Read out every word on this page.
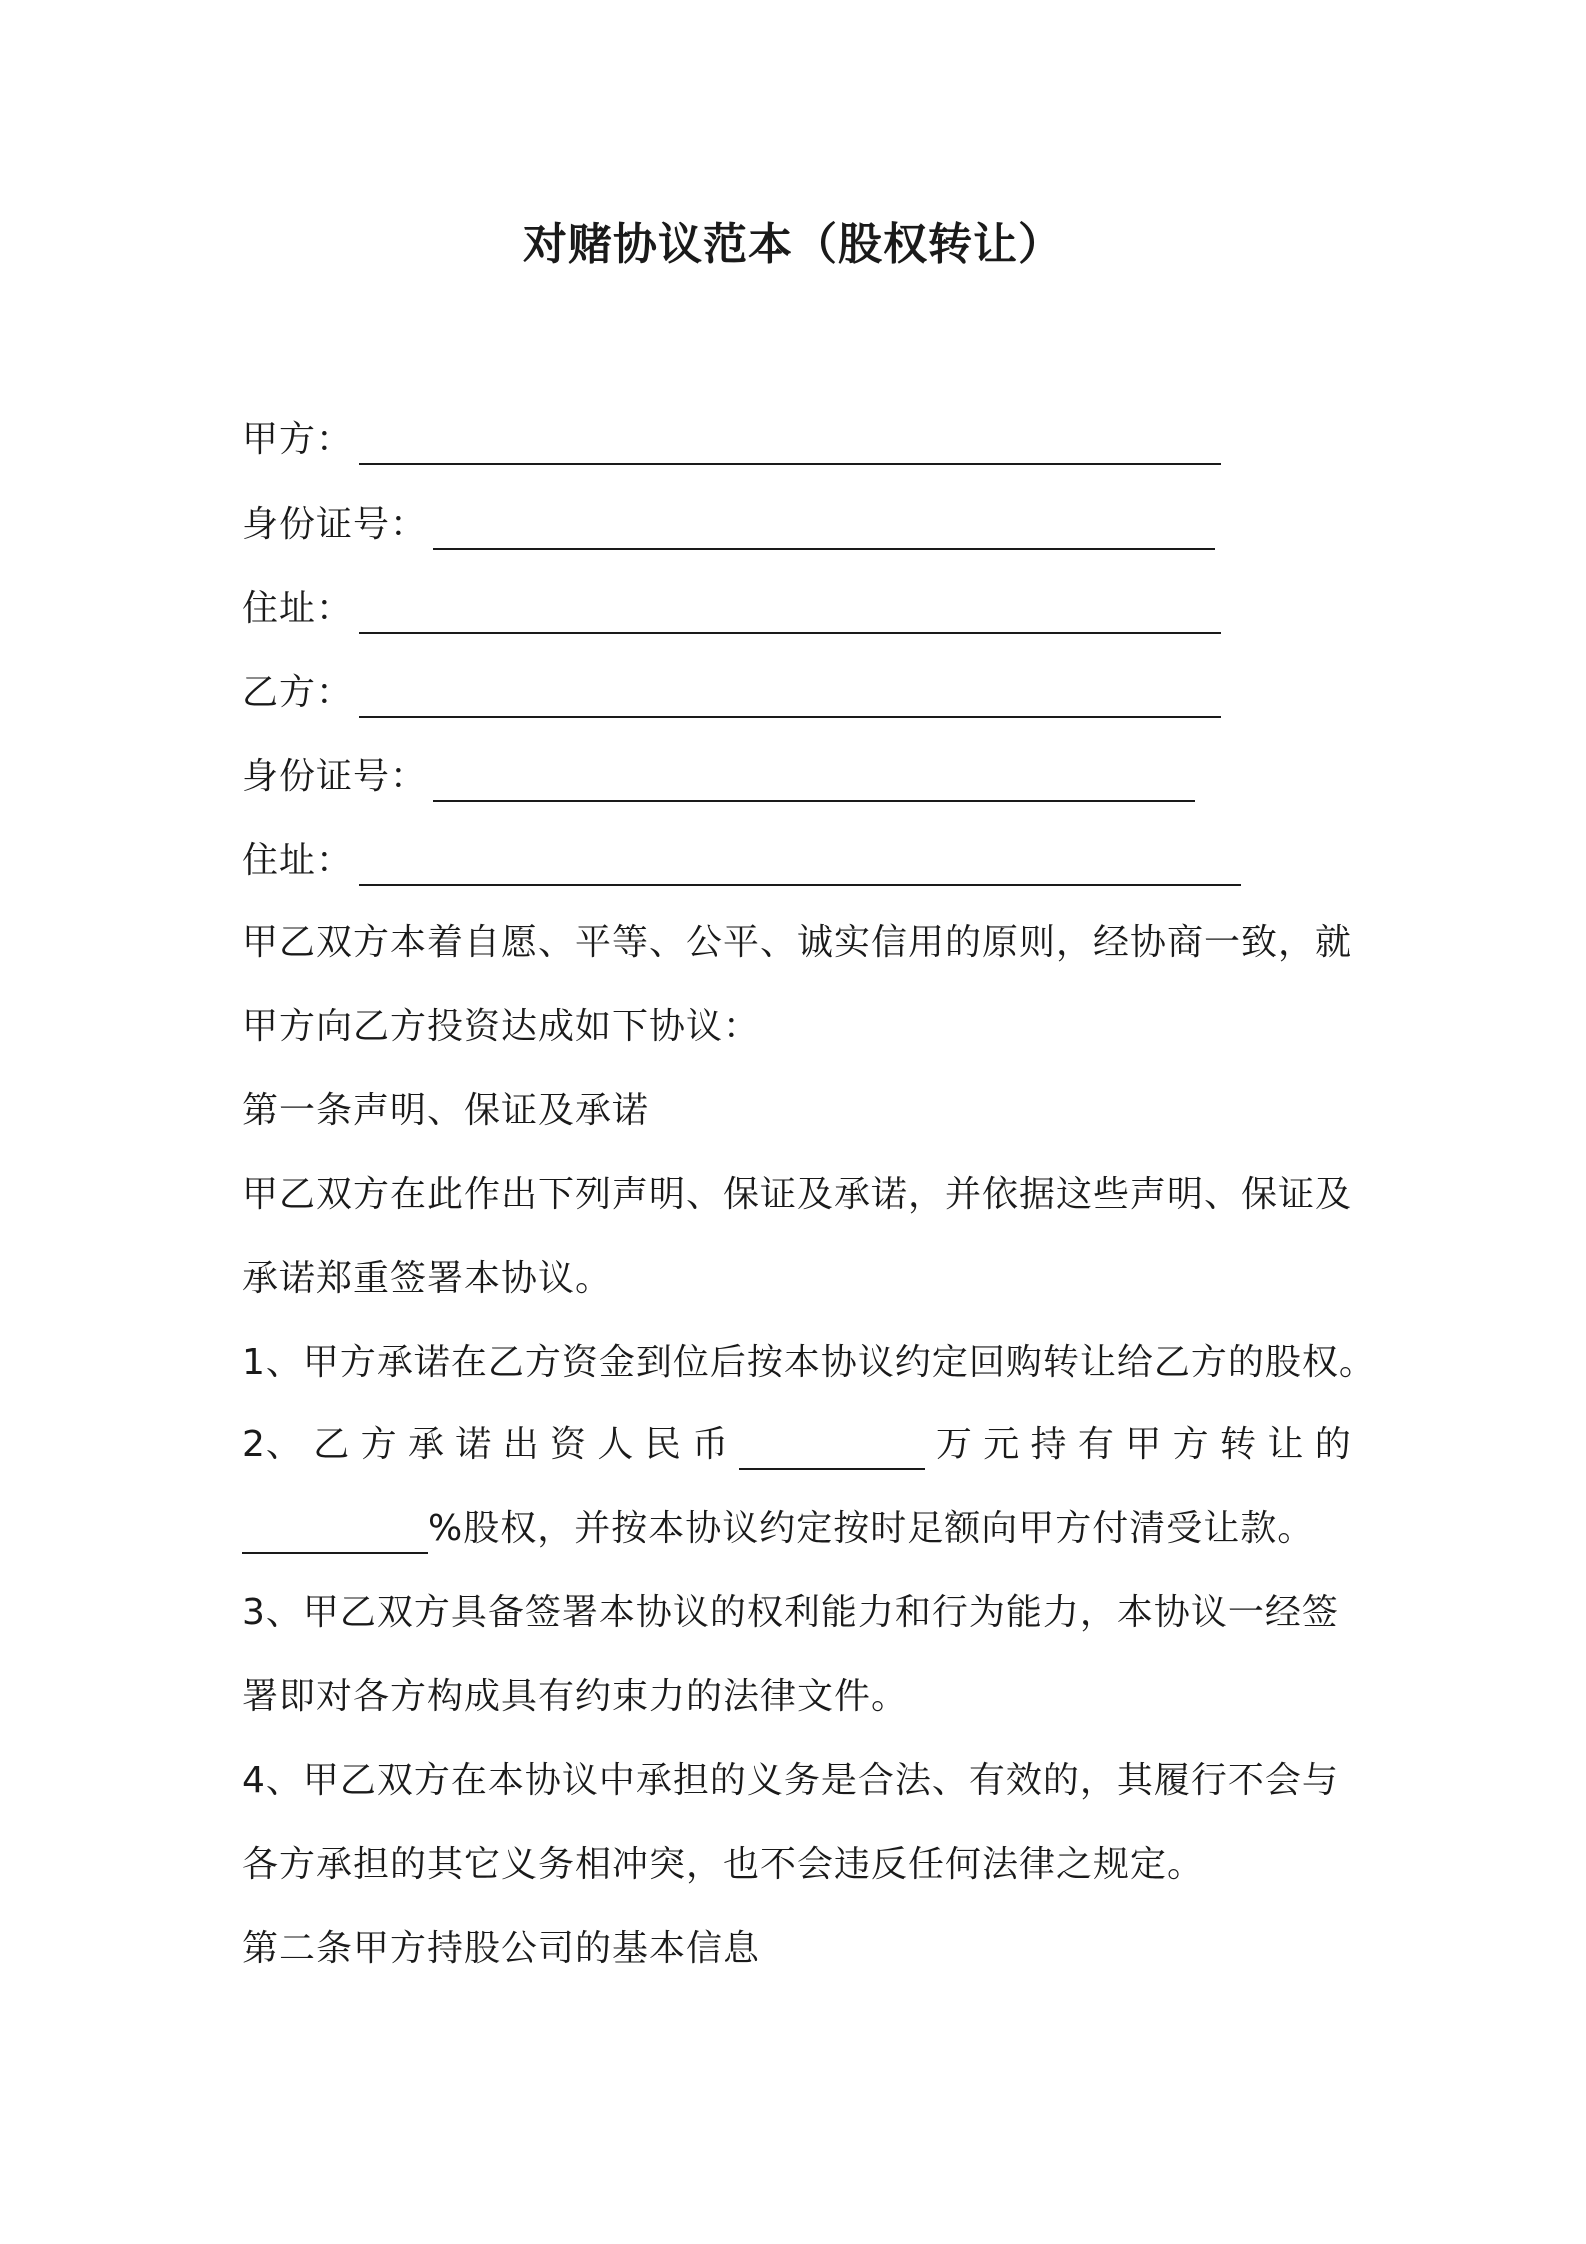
对赌协议范本（股权转让）
甲方：
身份证号：
住址：
乙方：
身份证号：
住址：
甲乙双方本着自愿、平等、公平、诚实信用的原则，经协商一致，就
甲方向乙方投资达成如下协议：
第一条声明、保证及承诺
甲乙双方在此作出下列声明、保证及承诺，并依据这些声明、保证及
承诺郑重签署本协议。
1、甲方承诺在乙方资金到位后按本协议约定回购转让给乙方的股权。
2、 乙 方 承 诺 出 资 人 民 币	万 元 持 有 甲 方 转 让 的
%股权，并按本协议约定按时足额向甲方付清受让款。
3、甲乙双方具备签署本协议的权利能力和行为能力，本协议一经签
署即对各方构成具有约束力的法律文件。
4、甲乙双方在本协议中承担的义务是合法、有效的，其履行不会与
各方承担的其它义务相冲突，也不会违反任何法律之规定。
第二条甲方持股公司的基本信息
